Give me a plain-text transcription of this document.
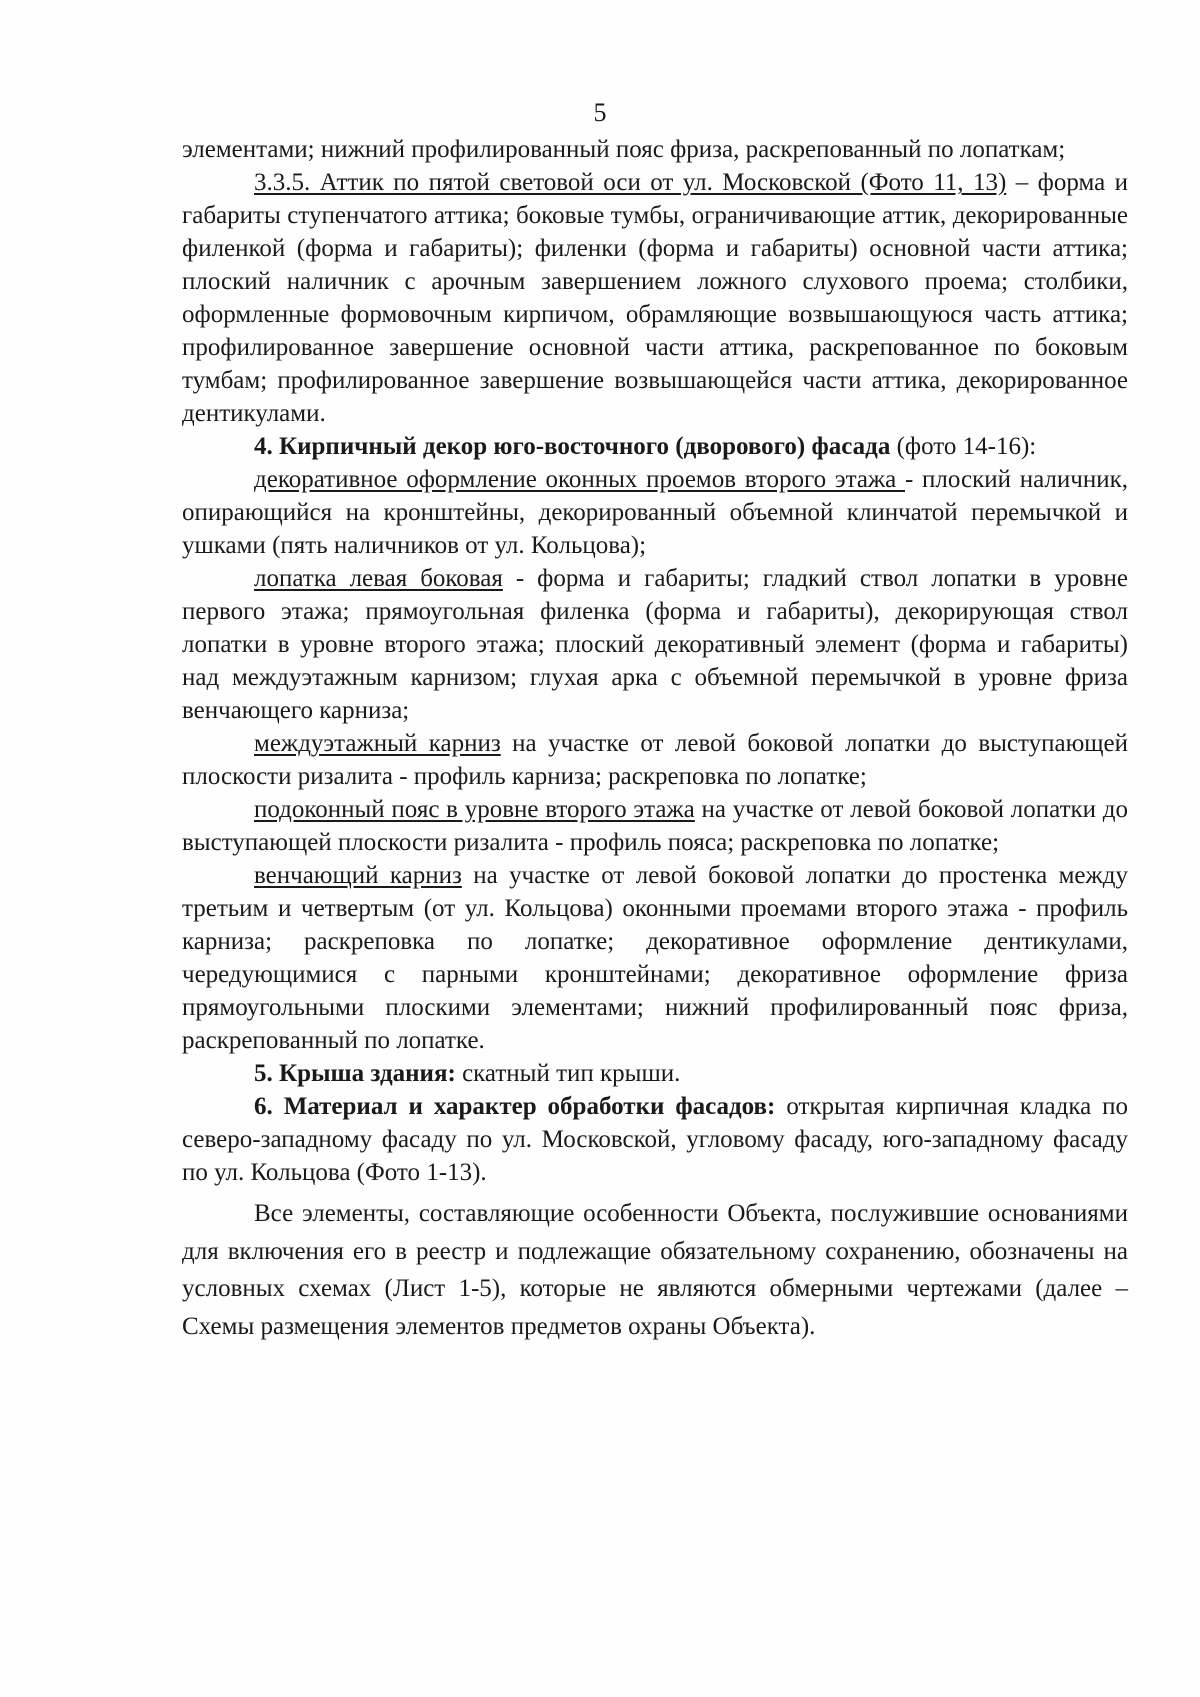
5

элементами; нижний профилированный пояс фриза, раскрепованный по лопаткам;

3.3.5. Аттик по пятой световой оси от ул. Московской (Фото 11, 13) – форма и габариты ступенчатого аттика; боковые тумбы, ограничивающие аттик, декорированные филенкой (форма и габариты); филенки (форма и габариты) основной части аттика; плоский наличник с арочным завершением ложного слухового проема; столбики, оформленные формовочным кирпичом, обрамляющие возвышающуюся часть аттика; профилированное завершение основной части аттика, раскрепованное по боковым тумбам; профилированное завершение возвышающейся части аттика, декорированное дентикулами.

4. Кирпичный декор юго-восточного (дворового) фасада (фото 14-16):

декоративное оформление оконных проемов второго этажа - плоский наличник, опирающийся на кронштейны, декорированный объемной клинчатой перемычкой и ушками (пять наличников от ул. Кольцова);

лопатка левая боковая - форма и габариты; гладкий ствол лопатки в уровне первого этажа; прямоугольная филенка (форма и габариты), декорирующая ствол лопатки в уровне второго этажа; плоский декоративный элемент (форма и габариты) над междуэтажным карнизом; глухая арка с объемной перемычкой в уровне фриза венчающего карниза;

междуэтажный карниз на участке от левой боковой лопатки до выступающей плоскости ризалита - профиль карниза; раскреповка по лопатке;

подоконный пояс в уровне второго этажа на участке от левой боковой лопатки до выступающей плоскости ризалита - профиль пояса; раскреповка по лопатке;

венчающий карниз на участке от левой боковой лопатки до простенка между третьим и четвертым (от ул. Кольцова) оконными проемами второго этажа - профиль карниза; раскреповка по лопатке; декоративное оформление дентикулами, чередующимися с парными кронштейнами; декоративное оформление фриза прямоугольными плоскими элементами; нижний профилированный пояс фриза, раскрепованный по лопатке.

5. Крыша здания: скатный тип крыши.

6. Материал и характер обработки фасадов: открытая кирпичная кладка по северо-западному фасаду по ул. Московской, угловому фасаду, юго-западному фасаду по ул. Кольцова (Фото 1-13).

Все элементы, составляющие особенности Объекта, послужившие основаниями для включения его в реестр и подлежащие обязательному сохранению, обозначены на условных схемах (Лист 1-5), которые не являются обмерными чертежами (далее – Схемы размещения элементов предметов охраны Объекта).
